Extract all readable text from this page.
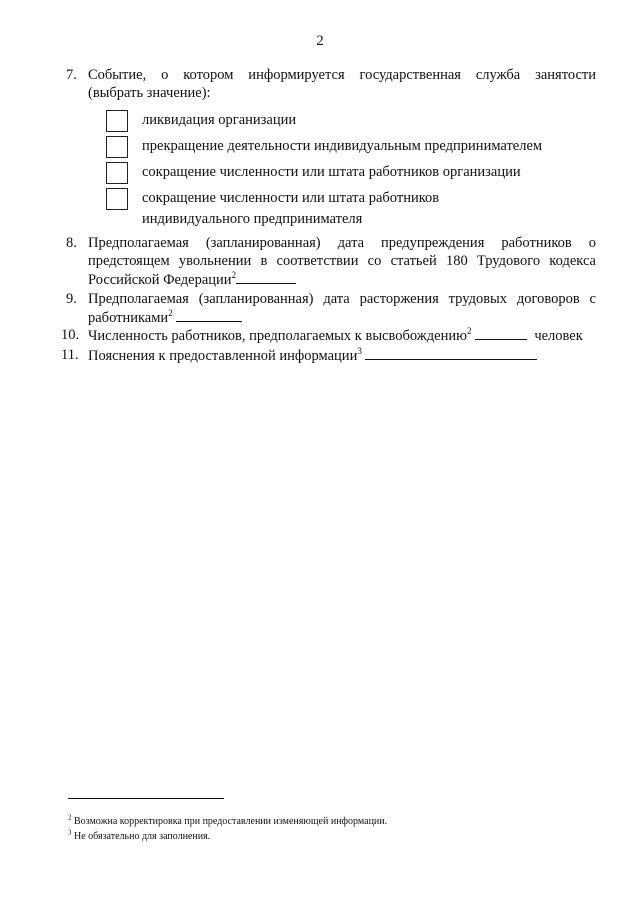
2
7. Событие, о котором информируется государственная служба занятости
(выбрать значение):
ликвидация организации
прекращение деятельности индивидуальным предпринимателем
сокращение численности или штата работников организации
сокращение численности или штата работников индивидуального предпринимателя
8. Предполагаемая (запланированная) дата предупреждения работников о
предстоящем увольнении в соответствии со статьей 180 Трудового кодекса
Российской Федерации$^2$
9. Предполагаемая (запланированная) дата расторжения трудовых договоров с
работниками$^2$
10. Численность работников, предполагаемых к высвобождению$^2$	человек
11. Пояснения к предоставленной информации$^3$
$^2$ Возможна корректировка при предоставлении изменяющей информации.
$^3$ Не обязательно для заполнения.
